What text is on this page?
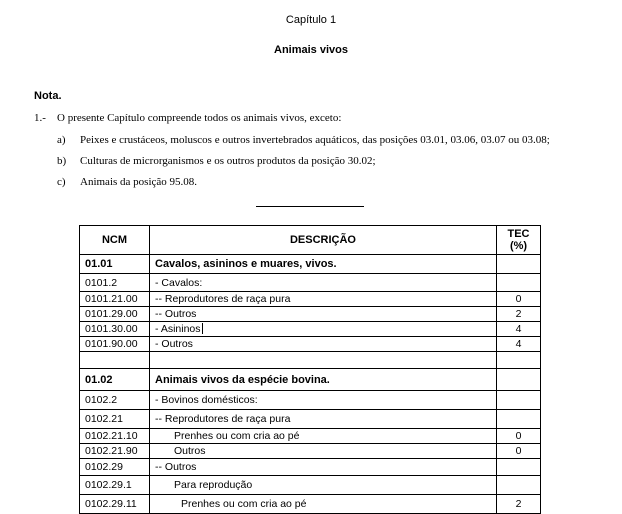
Capítulo 1
Animais vivos
Nota.
1.- O presente Capítulo compreende todos os animais vivos, exceto:
a) Peixes e crustáceos, moluscos e outros invertebrados aquáticos, das posições 03.01, 03.06, 03.07 ou 03.08;
b) Culturas de microrganismos e os outros produtos da posição 30.02;
c) Animais da posição 95.08.
NCM	DESCRIÇÃO	TEC
(%)

01.01	Cavalos, asininos e muares, vivos.	
0101.2	- Cavalos:	
0101.21.00	-- Reprodutores de raça pura	0
0101.29.00	-- Outros	2
0101.30.00	- Asininos	4
0101.90.00	- Outros	4

01.02	Animais vivos da espécie bovina.	
0102.2	- Bovinos domésticos:	
0102.21	-- Reprodutores de raça pura	
0102.21.10	Prenhes ou com cria ao pé	0
0102.21.90	Outros	0
0102.29	-- Outros	
0102.29.1	Para reprodução	
0102.29.11	Prenhes ou com cria ao pé	2
